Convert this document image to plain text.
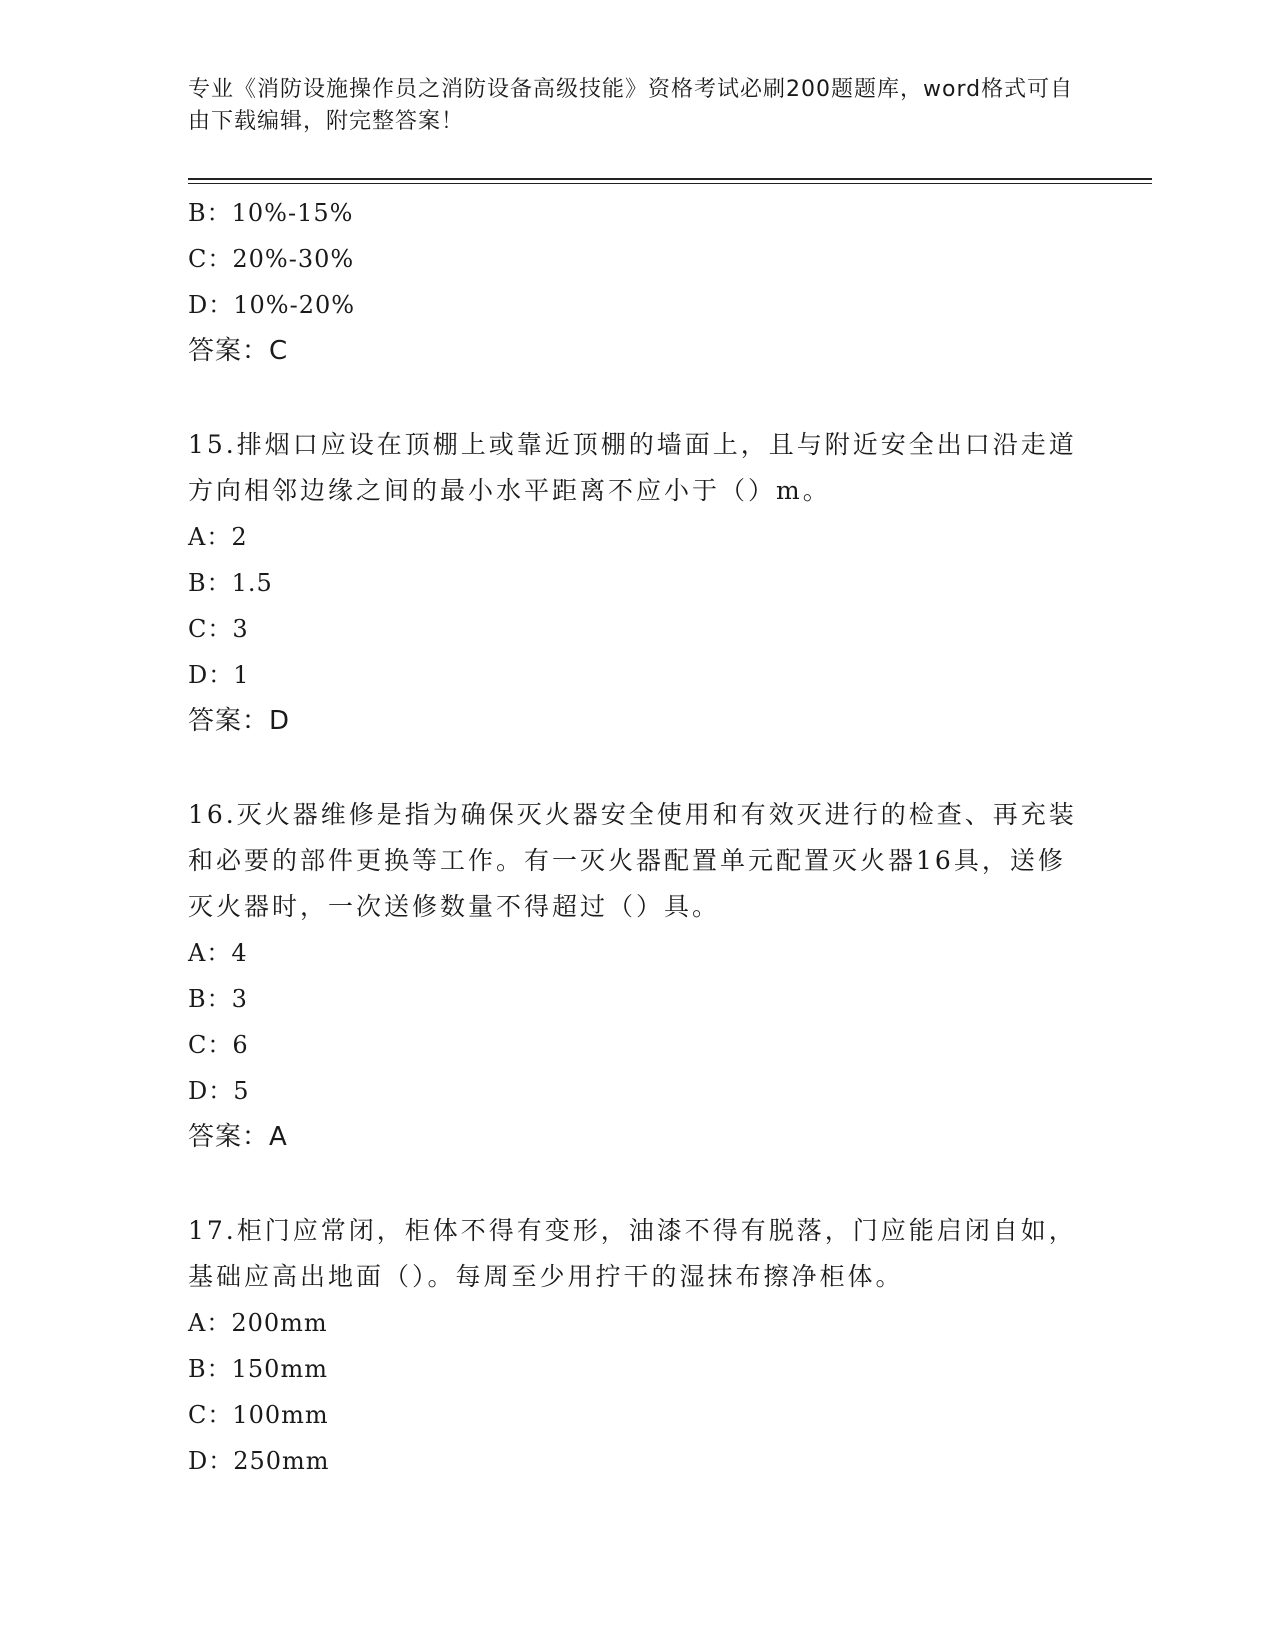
专业《消防设施操作员之消防设备高级技能》资格考试必刷200题题库，word格式可自由下载编辑，附完整答案！
B：10%-15%
C：20%-30%
D：10%-20%
答案：C
15.排烟口应设在顶棚上或靠近顶棚的墙面上，且与附近安全出口沿走道方向相邻边缘之间的最小水平距离不应小于（）m。
A：2
B：1.5
C：3
D：1
答案：D
16.灭火器维修是指为确保灭火器安全使用和有效灭进行的检查、再充装和必要的部件更换等工作。有一灭火器配置单元配置灭火器16具，送修灭火器时，一次送修数量不得超过（）具。
A：4
B：3
C：6
D：5
答案：A
17.柜门应常闭，柜体不得有变形，油漆不得有脱落，门应能启闭自如，基础应高出地面（）。每周至少用拧干的湿抹布擦净柜体。
A：200mm
B：150mm
C：100mm
D：250mm
